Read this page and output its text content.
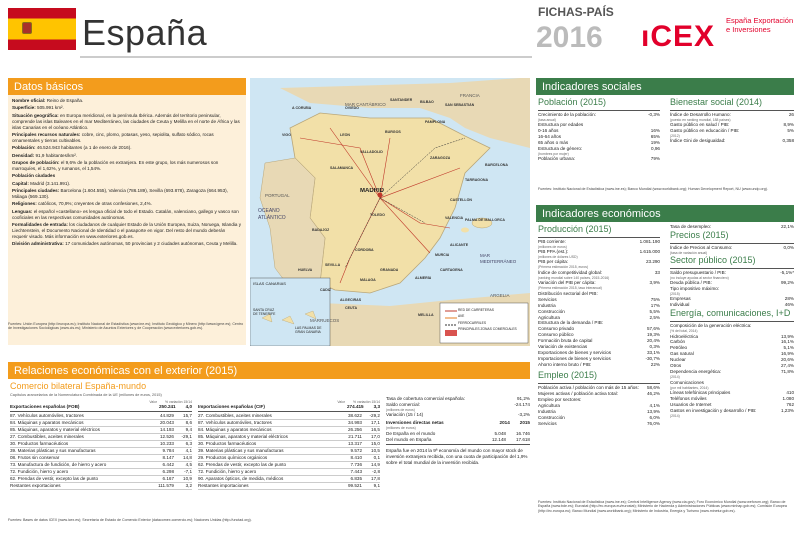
España	FICHAS-PAÍS
2016 ıCEX España Exportación e Inversiones
Datos básicos

Nombre oficial: Reino de España.

Superficie: 505.991 km².

Situación geográfica: en Europa meridional, en la península Ibérica. Además del territorio peninsular, comprende las islas Baleares en el mar Mediterráneo, las ciudades de Ceuta y Melilla en el norte de África y las islas Canarias en el océano Atlántico.

Principales recursos naturales: cobre, cinc, plomo, potasas, yeso, sepiolita, sulfato sódico, rocas ornamentales y tierras cultivables.

Población: 46.524.943 habitantes (a 1 de enero de 2016).

Densidad: 91,9 habitantes/km².

Grupos de población: el 9,6% de la población es extranjera. En este grupo, los más numerosos son marroquíes, el 1,62%, y rumanos, el 1,54%.

Población ciudades

Capital: Madrid (3.141.991).

Principales ciudades: Barcelona (1.604.555), Valencia (786.189), Sevilla (693.878), Zaragoza (664.953), Málaga (569.130).

Religiones: católicos, 70,9%; creyentes de otras confesiones, 2,4%.

Lenguas: el español «castellano» es lengua oficial de todo el Estado. Catalán, valenciano, gallego y vasco son cooficiales en las respectivas comunidades autónomas.

Formalidades de entrada: los ciudadanos de cualquier Estado de la Unión Europea, Suiza, Noruega, Islandia y Liechtenstein, el Documento Nacional de Identidad o el pasaporte en vigor. Del resto del mundo deberán requerir visado. Más información en www.exteriores.gob.es.

División administrativa: 17 comunidades autónomas, 50 provincias y 2 ciudades autónomas, Ceuta y Melilla.

Fuentes: Unión Europea (http://europa.eu); Instituto Nacional de Estadística (www.ine.es); Instituto Geológico y Minero (http://www.igme.es); Centro de Investigaciones Sociológicas (www.cis.es); Ministerio de Asuntos Exteriores y de Cooperación (www.exteriores.gob.es).
MAR CANTÁBRICO
OCÉANO ATLÁNTICO
MAR MEDITERRÁNEO
MADRID
PORTUGAL
FRANCIA
MARRUECOS
ARGELIA
ISLAS CANARIAS
SANTA CRUZ DE TENERIFE
LAS PALMAS DE GRAN CANARIA
RED DE CARRETERAS
AVE
FERROCARRILES
PRINCIPALES ZONAS COMERCIALES
A CORUÑA
SANTANDER BILBAO
SAN SEBASTIÁN
OVIEDO
VIGO	LEÓN
BURGOS
PAMPLONA
VALLADOLID
ZARAGOZA
BARCELONA
SALAMANCA
TARRAGONA
TOLEDO
CASTELLÓN
VALENCIA
BADAJOZ
ALICANTE
CÓRDOBA
MURCIA
SEVILLA
HUELVA	CARTAGENA
GRANADA
ALMERÍA
MÁLAGA
CÁDIZ
ALGECIRAS
CEUTA
MELILLA
PALMA DE MALLORCA
Indicadores sociales
Población (2015)
Crecimiento de la población:	-0,3%
(tasa anual)
Estructura por edades
0-16 años	16%
16-64 años	65%
65 años o más	19%
Estructura de género:	0,96
(hombres por mujer)
Población urbana:	79%
Bienestar social (2014)
Índice de Desarrollo Humano:	26
(puesto en ranking mundial, 188 países)
Gasto público en salud / PIB:	8,9%
Gasto público en educación / PIB:	5%
(2012)
Índice Gini de desigualdad:	0,358
Fuentes: Instituto Nacional de Estadística (www.ine.es); Banco Mundial (www.worldbank.org); Human Development Report, NU (www.undp.org).
Indicadores económicos
Producción (2015)
PIB corriente:	1.081.190
(millones de euros)
PIB PPA (est.):	1.615.000
(millones de dólares USD)
PIB per cápita:	23.290
(Primera estimación 2015, euros)
Índice de competitividad global:	33
(ranking mundial sobre 140 países, 2015-2016)
Variación del PIB per cápita:	3,9%
(Primera estimación 2015, tasa interanual)
Distribución sectorial del PIB:
Servicios	75%
Industria	17%
Construcción	5,5%
Agricultura	2,5%
Estructura de la demanda / PIB:
Consumo privado	57,6%
Consumo público	19,3%
Formación bruta de capital	20,4%
Variación de existencias	0,3%
Exportaciones de bienes y servicios	33,1%
Importaciones de bienes y servicios	-30,7%
Ahorro interno bruto / PIB:	22%
Empleo (2015)
Población activa / población con más de 15 años: 58,6%
Mujeres activas / población activa total:	46,2%
Empleo por sectores:
Agricultura	4,1%
Industria	13,9%
Construcción	6,0%
Servicios	76,0%
Tasa de desempleo:	22,1%
Precios (2015)
Índice de Precios al Consumo:	0,0%
(tasa de variación anual)
Sector público (2015)
Saldo presupuestario / PIB:	-5,1%*
(no incluye ayudas al sector financiero)
Deuda pública / PIB:	99,2%
Tipo impositivo máximo:
(2015)
Empresas	28%
Individual	46%
Energía, comunicaciones, I+D
Composición de la generación eléctrica:
(% del total, 2014)
Hidroeléctrica	13,9%
Carbón	16,1%
Petróleo	5,1%
Gas natural	16,9%
Nuclear	20,6%
Otros	27,4%
Dependencia energética:	71,8%
(2014)
Comunicaciones
(por mil habitantes, 2014)
Líneas telefónicas principales	410
Teléfonos móviles	1.080
Usuarios de Internet	762
Gastos en investigación y desarrollo / PIB:	1,23%
(2014)
Fuentes: Instituto Nacional de Estadística (www.ine.es); Central Intelligence Agency (www.cia.gov); Foro Económico Mundial (www.weforum.org); Banco de España (www.bde.es); Eurostat (http://ec.europa.eu/eurostat); Ministerio de Hacienda y Administraciones Públicas (www.minhap.gob.es); Comisión Europea (http://ec.europa.eu); Banco Mundial (www.worldbank.org); Ministerio de Industria, Energía y Turismo (www.minetur.gob.es).
Relaciones económicas con el exterior (2015)
Comercio bilateral España-mundo
Capítulos arancelarios de la Nomenclatura Combinada de la UE (millones de euros, 2015)

Valor % variación 15/14
Exportaciones españolas (FOB)	250.241 4,0
87. Vehículos automóviles, tractores	44.829 15,7
84. Máquinas y aparatos mecánicos	20.043	8,6
85. Máquinas, aparatos y material eléctricos	14.193	9,4
27. Combustibles, aceites minerales	12.526 -29,1
30. Productos farmacéuticos	10.233	6,3
39. Materias plásticas y sus manufacturas	9.784	4,1
08. Frutos sin conservar	8.147 14,8
73. Manufactura de fundición, de hierro y acero	6.442	4,5
72. Fundición, hierro y acero	6.298 -7,1
62. Prendas de vestir, excepto las de punto	6.167 10,9
Restantes exportaciones	111.579	3,2

Valor % variación 15/14
Importaciones españolas (CIF)	274.415 3,3
27. Combustibles, aceites minerales	38.622 -29,2
87. Vehículos automóviles, tractores	34.993 17,1
84. Máquinas y aparatos mecánicos	26.256 16,5
85. Máquinas, aparatos y material eléctricos	21.711 17,0
30. Productos farmacéuticos	13.317 15,0
39. Materias plásticas y sus manufacturas	9.572 10,5
29. Productos químicos orgánicos	8.410	0,1
62. Prendas de vestir, excepto las de punto	7.736 14,9
72. Fundición, hierro y acero	7.443 -2,8
90. Aparatos ópticos, de medida, médicos	6.835 17,8
Restantes importaciones	99.521	9,1
Tasa de cobertura comercial española:	91,2%
Saldo comercial:	-24.174
(millones de euros)
Variación (15 / 14)	-3,2%
Inversiones directas netas	2014 2015
(millones de euros)
De España en el mundo	5.048 16.746
Del mundo en España	12.148 17.618
España fue en 2014 la 9ª economía del mundo con mayor stock de inversión extranjera recibida, con una cuota de participación del 1,9% sobre el total mundial de la inversión recibida.
Fuentes: Bases de datos ICEX (www.icex.es); Secretaría de Estado de Comercio Exterior (datacomex.comercio.es); Naciones Unidas (http://unctad.org).
